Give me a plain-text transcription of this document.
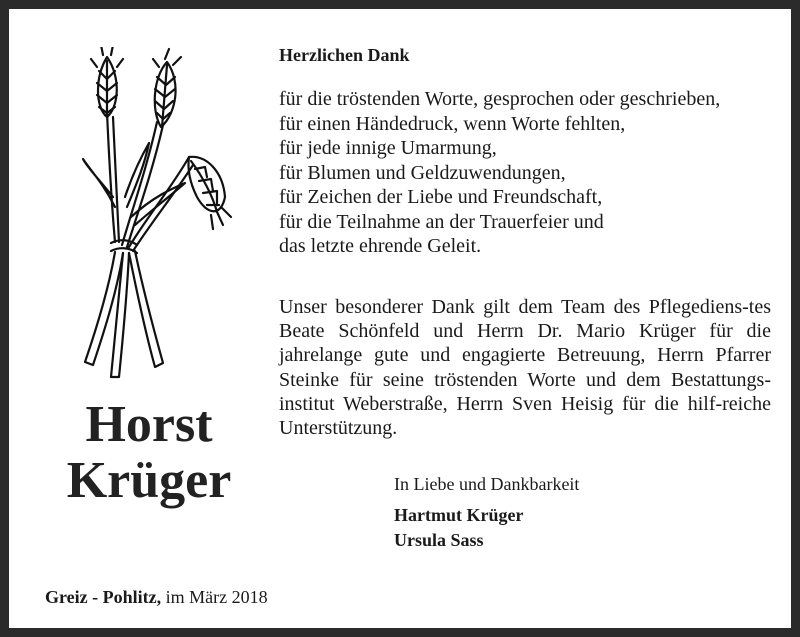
Horst
Krüger
Herzlichen Dank
für die tröstenden Worte, gesprochen oder geschrieben,
für einen Händedruck, wenn Worte fehlten,
für jede innige Umarmung,
für Blumen und Geldzuwendungen,
für Zeichen der Liebe und Freundschaft,
für die Teilnahme an der Trauerfeier und
das letzte ehrende Geleit.

Unser besonderer Dank gilt dem Team des Pflegediens-tes Beate Schönfeld und Herrn Dr. Mario Krüger für die jahrelange gute und engagierte Betreuung, Herrn Pfarrer Steinke für seine tröstenden Worte und dem Bestattungs-institut Weberstraße, Herrn Sven Heisig für die hilf-reiche Unterstützung.

In Liebe und Dankbarkeit
Hartmut Krüger
Ursula Sass
Greiz - Pohlitz, im März 2018
